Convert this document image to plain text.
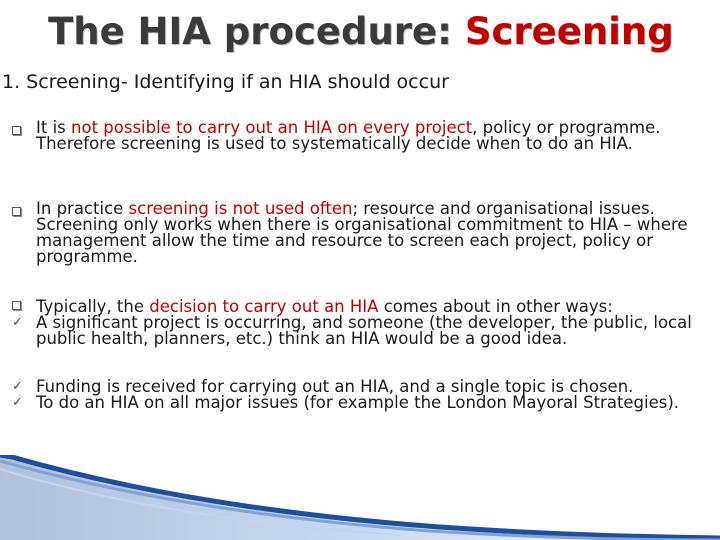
The HIA procedure: Screening
1. Screening- Identifying if an HIA should occur
It is not possible to carry out an HIA on every project, policy or programme. Therefore screening is used to systematically decide when to do an HIA.
In practice screening is not used often; resource and organisational issues. Screening only works when there is organisational commitment to HIA – where management allow the time and resource to screen each project, policy or programme.
Typically, the decision to carry out an HIA comes about in other ways:
✓ A significant project is occurring, and someone (the developer, the public, local public health, planners, etc.) think an HIA would be a good idea.
✓ Funding is received for carrying out an HIA, and a single topic is chosen.
✓ To do an HIA on all major issues (for example the London Mayoral Strategies).
